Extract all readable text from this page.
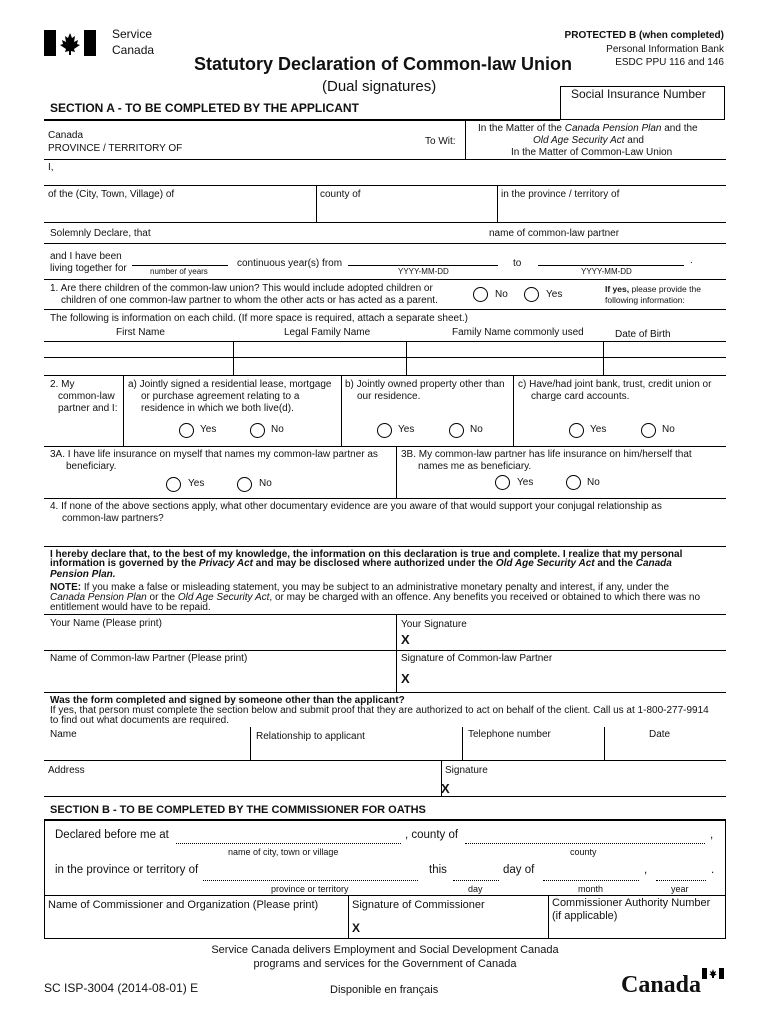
Service
Canada
Statutory Declaration of Common-law Union
(Dual signatures)
PROTECTED B (when completed)
Personal Information Bank
ESDC PPU 116 and 146
Social Insurance Number
SECTION A - TO BE COMPLETED BY THE APPLICANT
Canada
PROVINCE / TERRITORY OF
To Wit:
In the Matter of the Canada Pension Plan and the
Old Age Security Act and
In the Matter of Common-Law Union
I,
of the (City, Town, Village) of	county of	in the province / territory of
Solemnly Declare, that	name of common-law partner
and I have been
living together for	number of years
continuous year(s) from
YYYY-MM-DD
to	.
YYYY-MM-DD
1. Are there children of the common-law union? This would include adopted children or
children of one common-law partner to whom the other acts or has acted as a parent.
No	Yes	If yes, please provide the
following information:
The following is information on each child. (If more space is required, attach a separate sheet.)
First Name	Legal Family Name	Family Name commonly used	Date of Birth
2. My
common-law
partner and I:
a) Jointly signed a residential lease, mortgage
or purchase agreement relating to a
residence in which we both live(d).
Yes	No
b) Jointly owned property other than
our residence.
Yes	No
c) Have/had joint bank, trust, credit union or
charge card accounts.
Yes	No
3A. I have life insurance on myself that names my common-law partner as
beneficiary.
Yes	No
3B. My common-law partner has life insurance on him/herself that
names me as beneficiary.
Yes	No
4. If none of the above sections apply, what other documentary evidence are you aware of that would support your conjugal relationship as
common-law partners?
I hereby declare that, to the best of my knowledge, the information on this declaration is true and complete. I realize that my personal
information is governed by the Privacy Act and may be disclosed where authorized under the Old Age Security Act and the Canada
Pension Plan.
NOTE: If you make a false or misleading statement, you may be subject to an administrative monetary penalty and interest, if any, under the
Canada Pension Plan or the Old Age Security Act, or may be charged with an offence. Any benefits you received or obtained to which there was no
entitlement would have to be repaid.
Your Name (Please print)	Your Signature
X
Name of Common-law Partner (Please print)	Signature of Common-law Partner
X
Was the form completed and signed by someone other than the applicant?
If yes, that person must complete the section below and submit proof that they are authorized to act on behalf of the client. Call us at 1-800-277-9914
to find out what documents are required.
Name	Relationship to applicant	Telephone number	Date
Address	Signature
X
SECTION B - TO BE COMPLETED BY THE COMMISSIONER FOR OATHS
Declared before me at	, county of	,
name of city, town or village	county
in the province or territory of	this	day of	,	.
province or territory	day	month	year
Name of Commissioner and Organization (Please print)	Signature of Commissioner
X
Commissioner Authority Number
(if applicable)
Service Canada delivers Employment and Social Development Canada
programs and services for the Government of Canada
SC ISP-3004 (2014-08-01) E	Disponible en français	Canada
